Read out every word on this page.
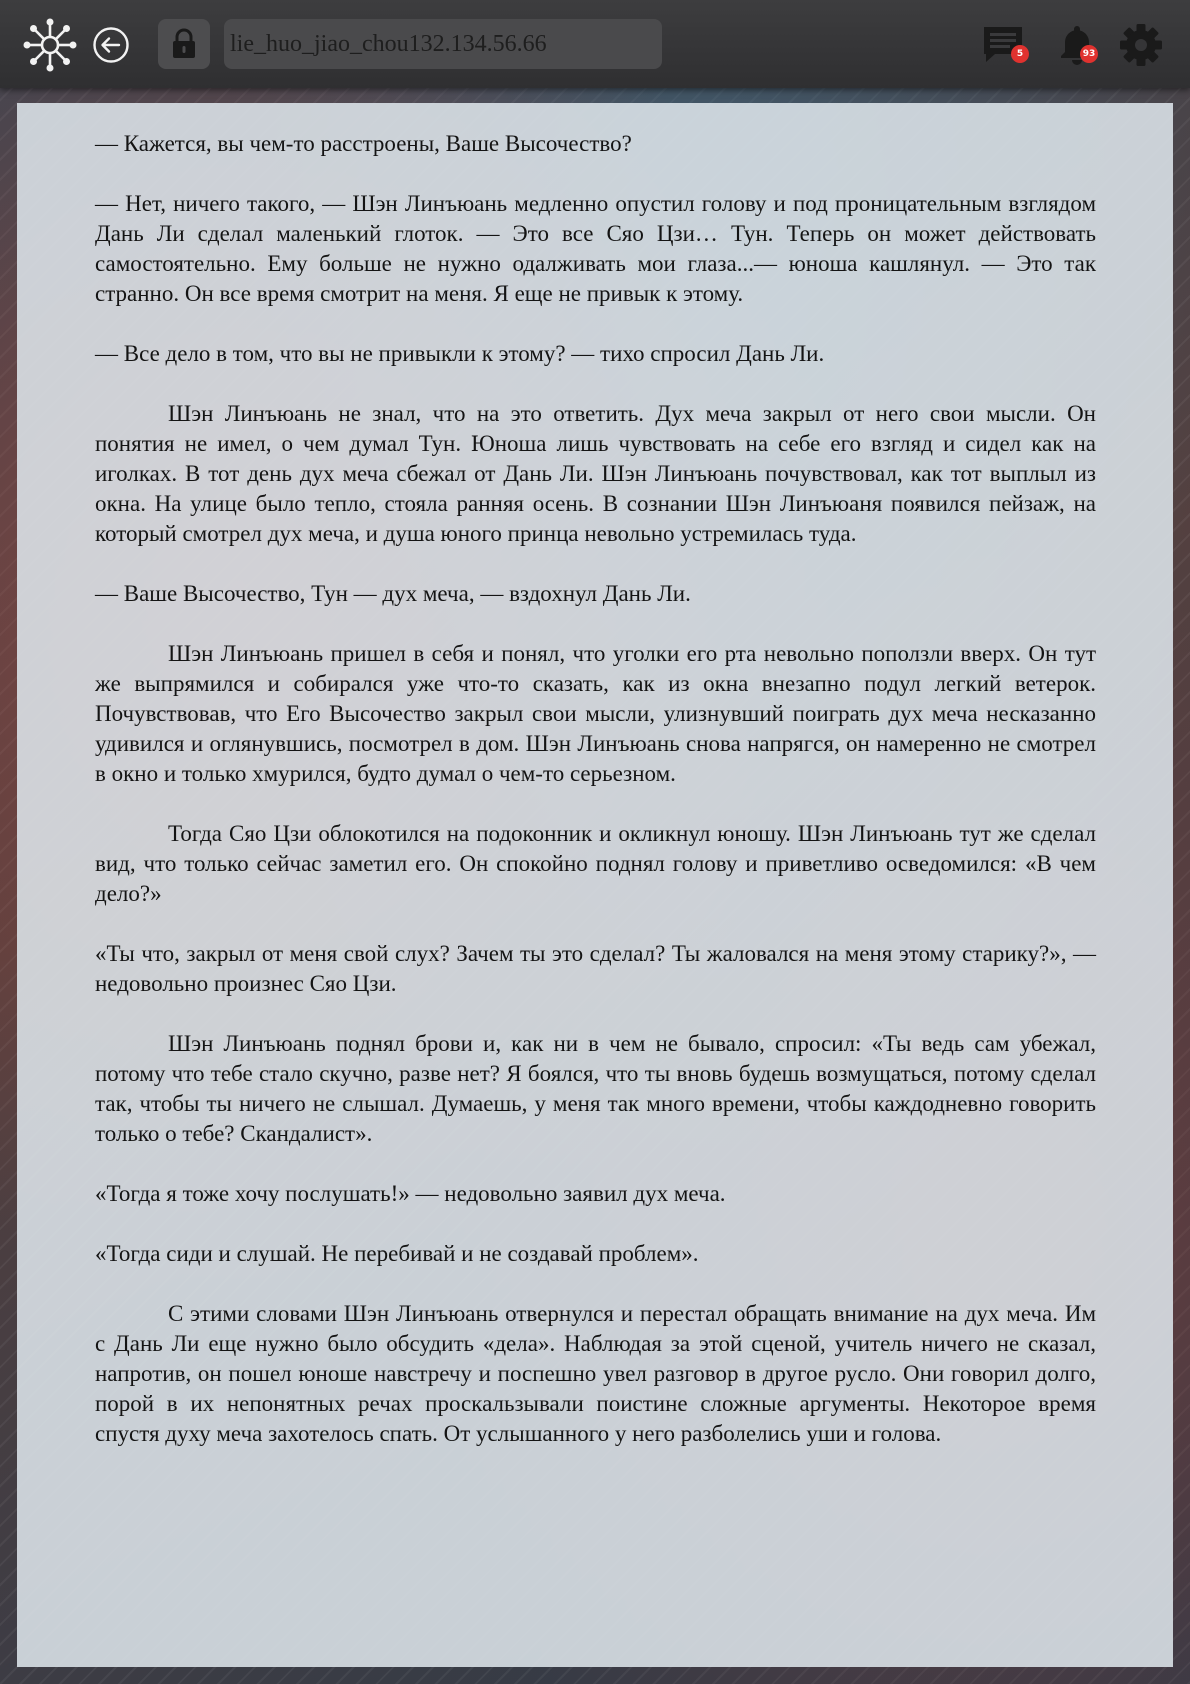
lie_huo_jiao_chou132.134.56.66
5	93

— Кажется, вы чем-то расстроены, Ваше Высочество?

— Нет, ничего такого, — Шэн Линъюань медленно опустил голову и под проницательным взглядом Дань Ли сделал маленький глоток. — Это все Сяо Цзи… Тун. Теперь он может действовать самостоятельно. Ему больше не нужно одалживать мои глаза...— юноша кашлянул. — Это так странно. Он все время смотрит на меня. Я еще не привык к этому.

— Все дело в том, что вы не привыкли к этому? — тихо спросил Дань Ли.

Шэн Линъюань не знал, что на это ответить. Дух меча закрыл от него свои мысли. Он понятия не имел, о чем думал Тун. Юноша лишь чувствовать на себе его взгляд и сидел как на иголках. В тот день дух меча сбежал от Дань Ли. Шэн Линъюань почувствовал, как тот выплыл из окна. На улице было тепло, стояла ранняя осень. В сознании Шэн Линъюаня появился пейзаж, на который смотрел дух меча, и душа юного принца невольно устремилась туда.

— Ваше Высочество, Тун — дух меча, — вздохнул Дань Ли.

Шэн Линъюань пришел в себя и понял, что уголки его рта невольно поползли вверх. Он тут же выпрямился и собирался уже что-то сказать, как из окна внезапно подул легкий ветерок. Почувствовав, что Его Высочество закрыл свои мысли, улизнувший поиграть дух меча несказанно удивился и оглянувшись, посмотрел в дом. Шэн Линъюань снова напрягся, он намеренно не смотрел в окно и только хмурился, будто думал о чем-то серьезном.

Тогда Сяо Цзи облокотился на подоконник и окликнул юношу. Шэн Линъюань тут же сделал вид, что только сейчас заметил его. Он спокойно поднял голову и приветливо осведомился: «В чем дело?»

«Ты что, закрыл от меня свой слух? Зачем ты это сделал? Ты жаловался на меня этому старику?», — недовольно произнес Сяо Цзи.

Шэн Линъюань поднял брови и, как ни в чем не бывало, спросил: «Ты ведь сам убежал, потому что тебе стало скучно, разве нет? Я боялся, что ты вновь будешь возмущаться, потому сделал так, чтобы ты ничего не слышал. Думаешь, у меня так много времени, чтобы каждодневно говорить только о тебе? Скандалист».

«Тогда я тоже хочу послушать!» — недовольно заявил дух меча.

«Тогда сиди и слушай. Не перебивай и не создавай проблем».

С этими словами Шэн Линъюань отвернулся и перестал обращать внимание на дух меча. Им с Дань Ли еще нужно было обсудить «дела». Наблюдая за этой сценой, учитель ничего не сказал, напротив, он пошел юноше навстречу и поспешно увел разговор в другое русло. Они говорил долго, порой в их непонятных речах проскальзывали поистине сложные аргументы. Некоторое время спустя духу меча захотелось спать. От услышанного у него разболелись уши и голова.
